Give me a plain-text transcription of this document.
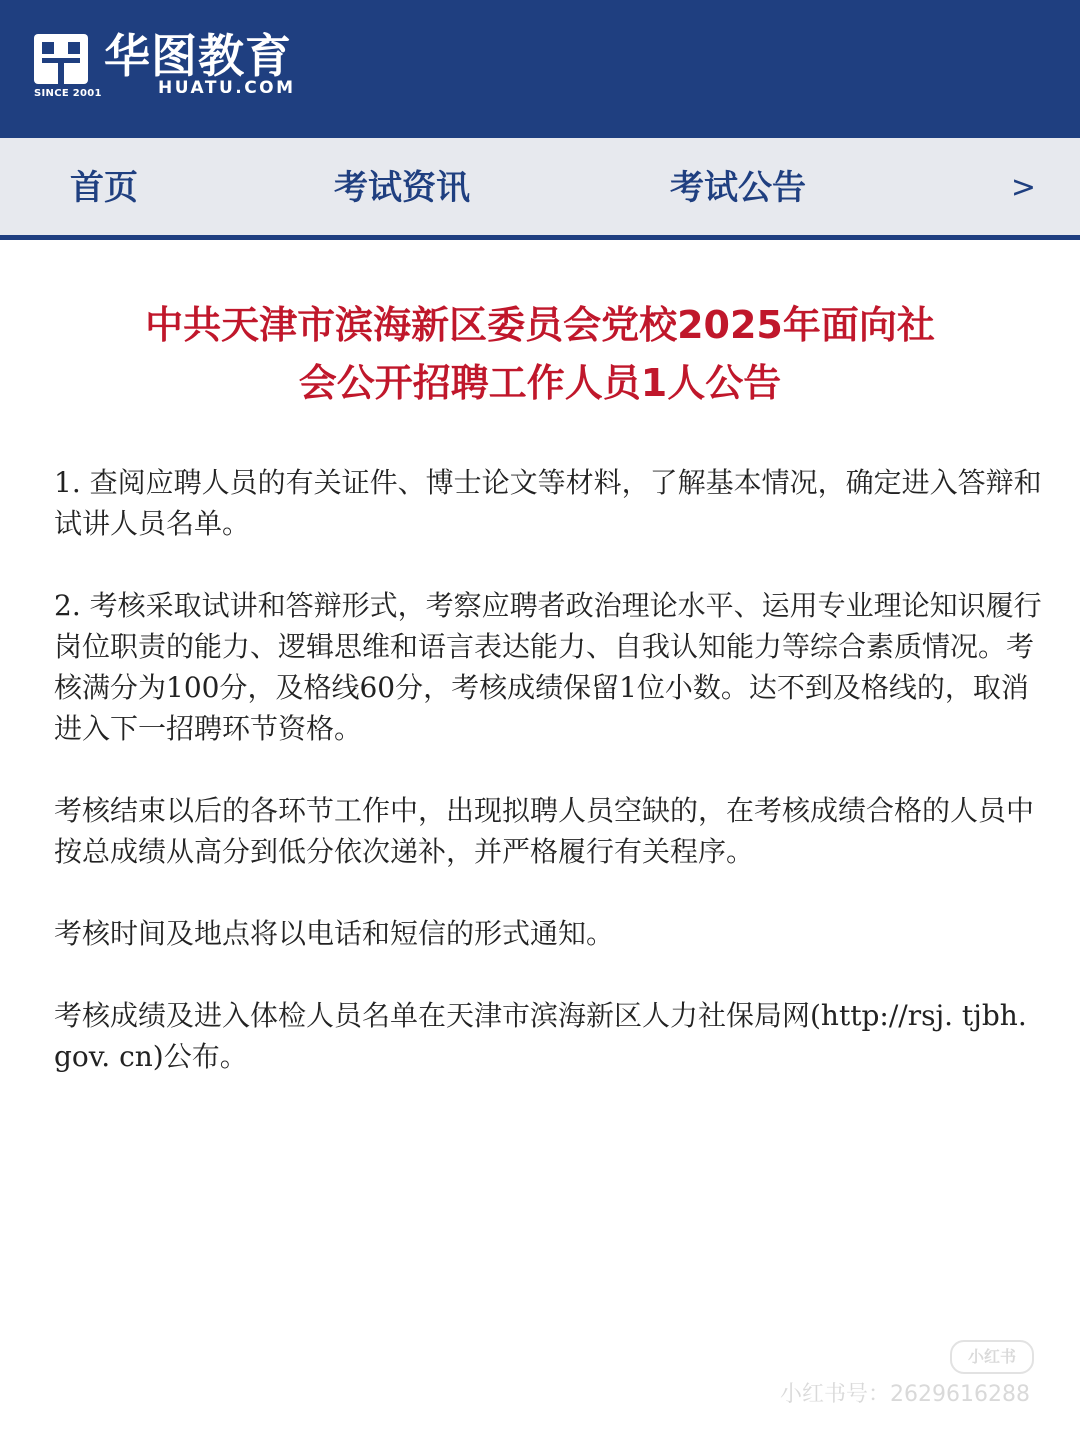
SINCE 2001
华图教育
HUATU.COM
首页	考试资讯	考试公告	>
中共天津市滨海新区委员会党校2025年面向社
会公开招聘工作人员1人公告

1. 查阅应聘人员的有关证件、博士论文等材料，了解基本情况，确定进入答辩和试讲人员名单。

2. 考核采取试讲和答辩形式，考察应聘者政治理论水平、运用专业理论知识履行岗位职责的能力、逻辑思维和语言表达能力、自我认知能力等综合素质情况。考核满分为100分，及格线60分，考核成绩保留1位小数。达不到及格线的，取消进入下一招聘环节资格。

考核结束以后的各环节工作中，出现拟聘人员空缺的，在考核成绩合格的人员中按总成绩从高分到低分依次递补，并严格履行有关程序。

考核时间及地点将以电话和短信的形式通知。

考核成绩及进入体检人员名单在天津市滨海新区人力社保局网(http://rsj. tjbh. gov. cn)公布。

小红书
小红书号：2629616288
